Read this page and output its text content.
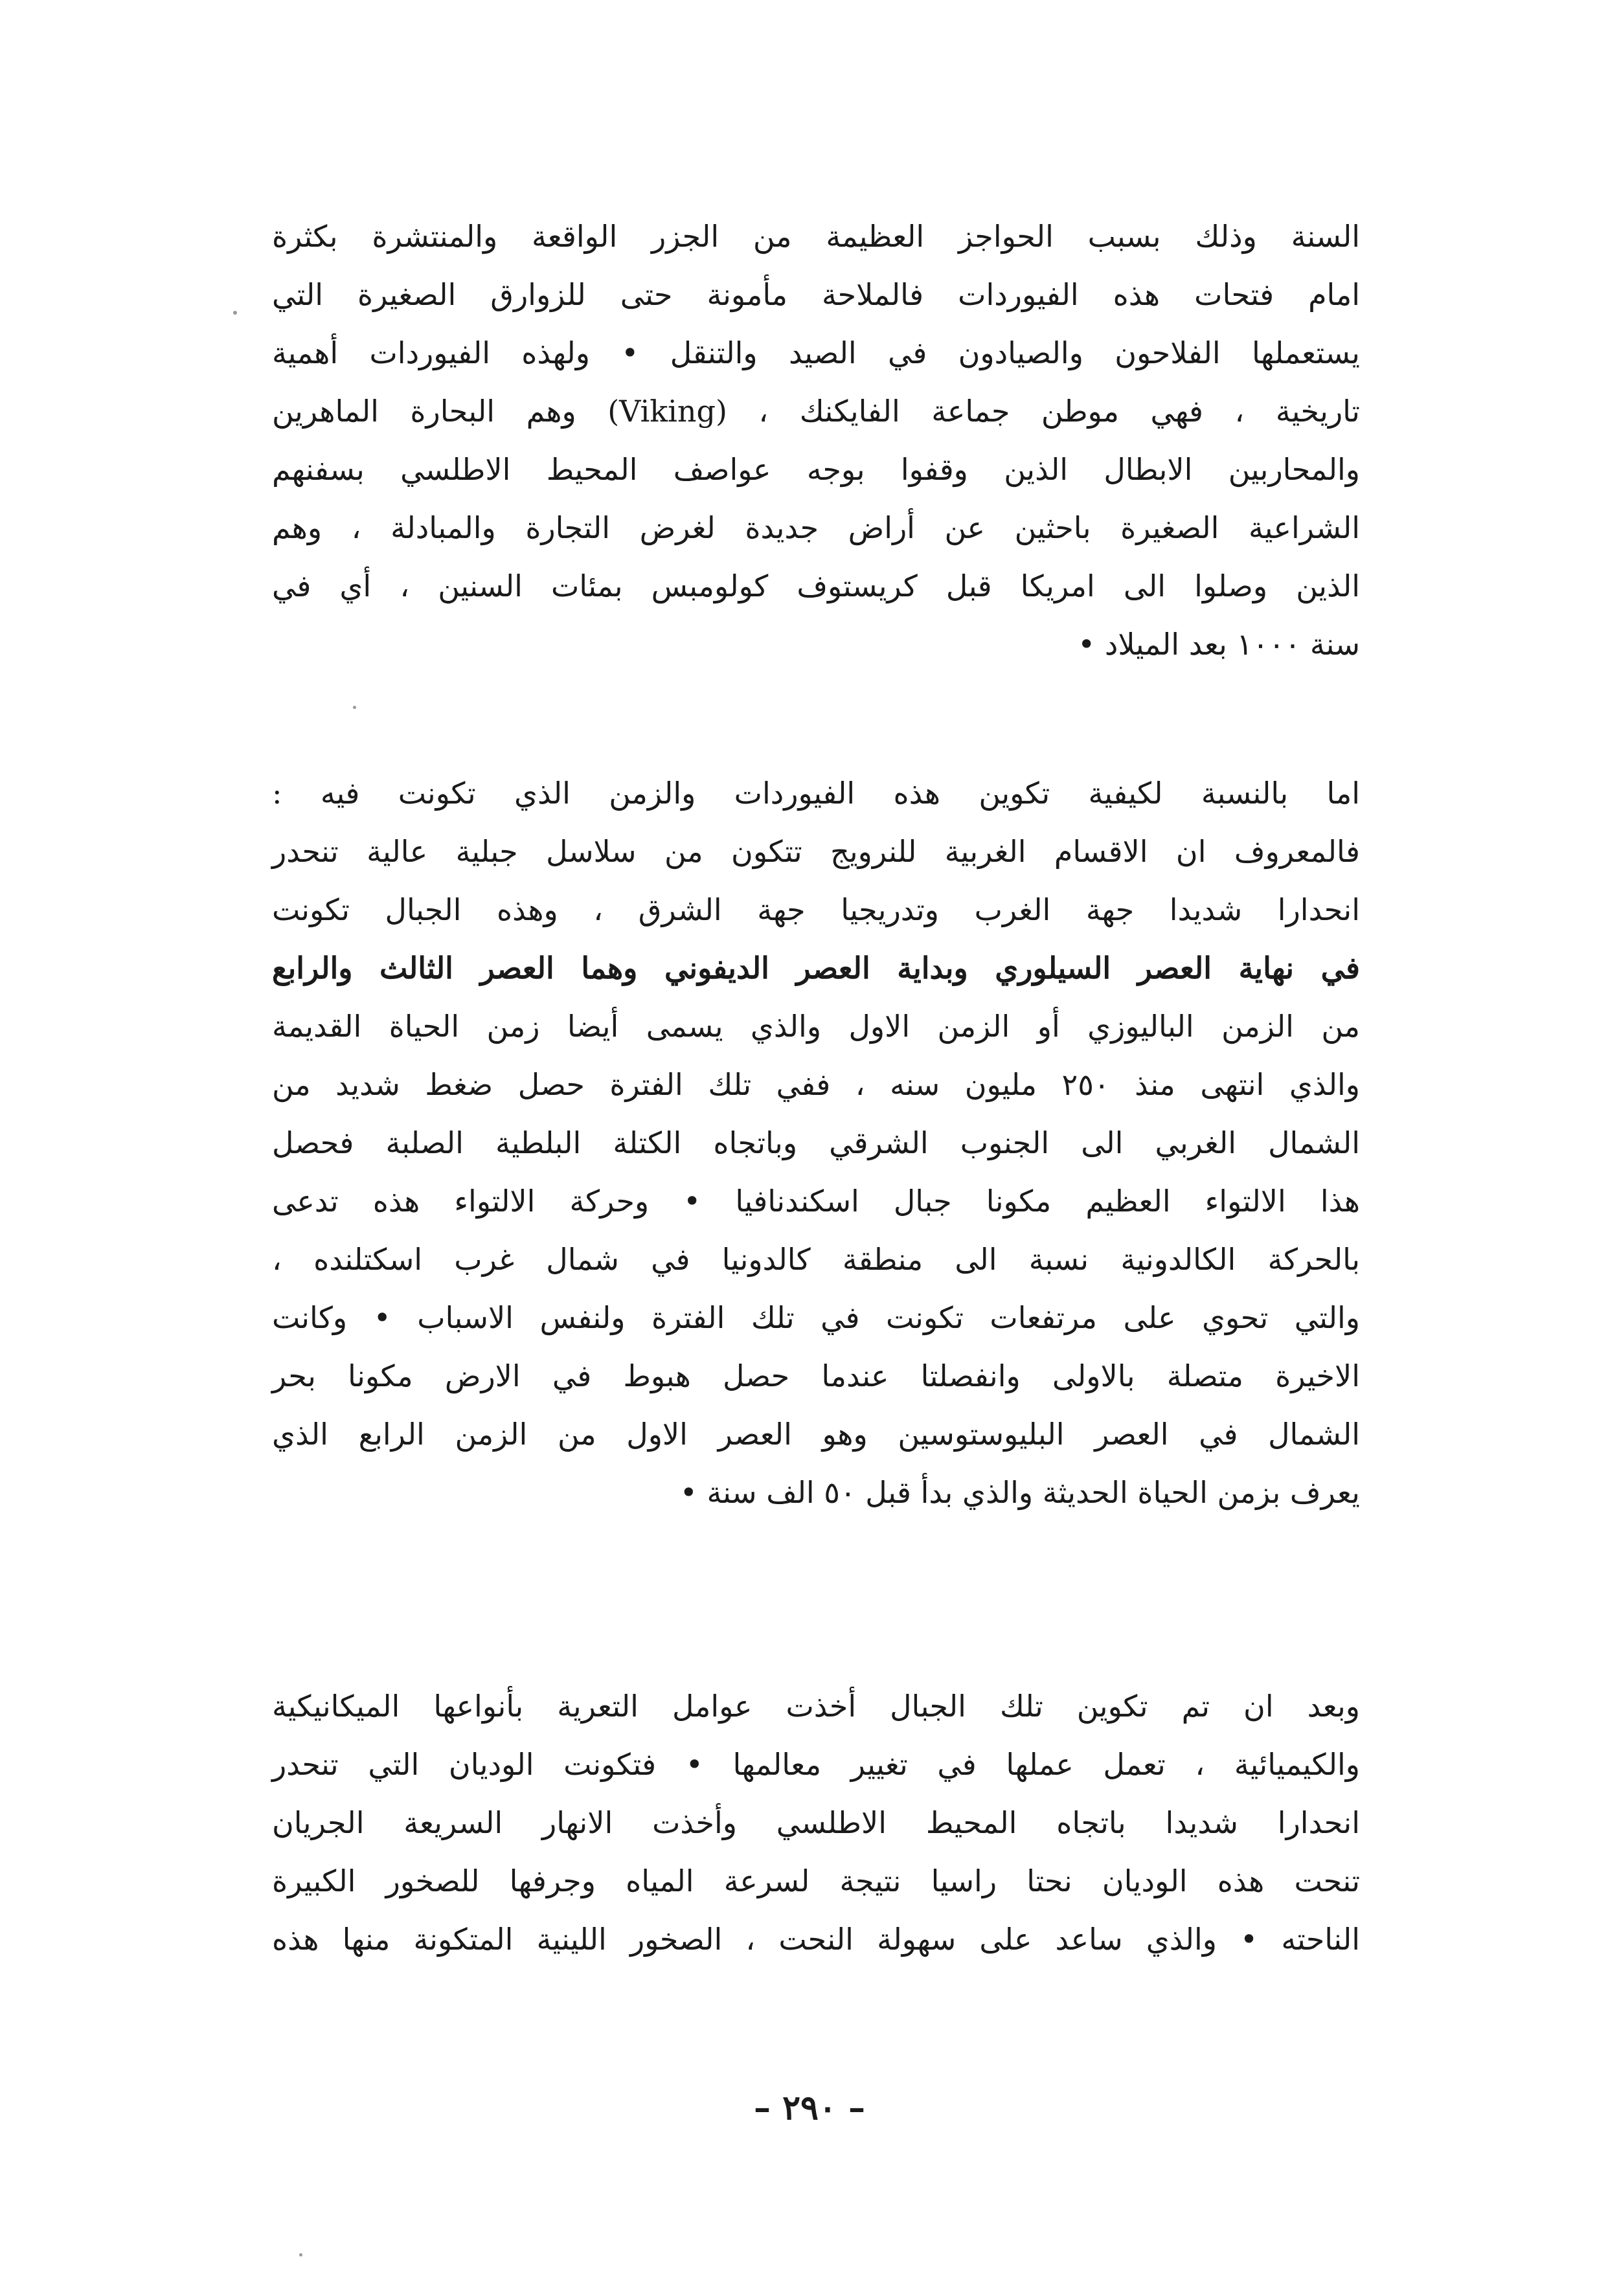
السنة وذلك بسبب الحواجز العظيمة من الجزر الواقعة والمنتشرة بكثرة
امام فتحات هذه الفيوردات فالملاحة مأمونة حتى للزوارق الصغيرة التي
يستعملها الفلاحون والصيادون في الصيد والتنقل • ولهذه الفيوردات أهمية
تاريخية ، فهي موطن جماعة الفايكنك ، (Viking) وهم البحارة الماهرين
والمحاربين الابطال الذين وقفوا بوجه عواصف المحيط الاطلسي بسفنهم
الشراعية الصغيرة باحثين عن أراض جديدة لغرض التجارة والمبادلة ، وهم
الذين وصلوا الى امريكا قبل كريستوف كولومبس بمئات السنين ، أي في
سنة ١٠٠٠ بعد الميلاد •
اما بالنسبة لكيفية تكوين هذه الفيوردات والزمن الذي تكونت فيه :
فالمعروف ان الاقسام الغربية للنرويج تتكون من سلاسل جبلية عالية تنحدر
انحدارا شديدا جهة الغرب وتدريجيا جهة الشرق ، وهذه الجبال تكونت
في نهاية العصر السيلوري وبداية العصر الديفوني وهما العصر الثالث والرابع
من الزمن الباليوزي أو الزمن الاول والذي يسمى أيضا زمن الحياة القديمة
والذي انتهى منذ ٢٥٠ مليون سنه ، ففي تلك الفترة حصل ضغط شديد من
الشمال الغربي الى الجنوب الشرقي وباتجاه الكتلة البلطية الصلبة فحصل
هذا الالتواء العظيم مكونا جبال اسكندنافيا • وحركة الالتواء هذه تدعى
بالحركة الكالدونية نسبة الى منطقة كالدونيا في شمال غرب اسكتلنده ،
والتي تحوي على مرتفعات تكونت في تلك الفترة ولنفس الاسباب • وكانت
الاخيرة متصلة بالاولى وانفصلتا عندما حصل هبوط في الارض مكونا بحر
الشمال في العصر البليوستوسين وهو العصر الاول من الزمن الرابع الذي
يعرف بزمن الحياة الحديثة والذي بدأ قبل ٥٠ الف سنة •
وبعد ان تم تكوين تلك الجبال أخذت عوامل التعرية بأنواعها الميكانيكية
والكيميائية ، تعمل عملها في تغيير معالمها • فتكونت الوديان التي تنحدر
انحدارا شديدا باتجاه المحيط الاطلسي وأخذت الانهار السريعة الجريان
تنحت هذه الوديان نحتا راسيا نتيجة لسرعة المياه وجرفها للصخور الكبيرة
الناحته • والذي ساعد على سهولة النحت ، الصخور اللينية المتكونة منها هذه
– ٢٩٠ –
